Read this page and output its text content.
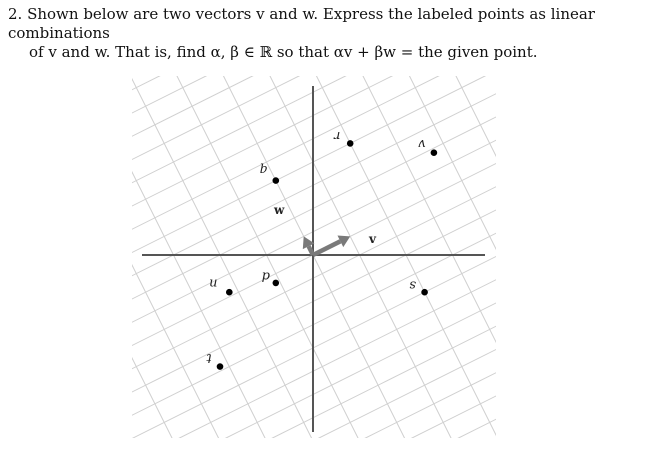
2. Shown below are two vectors v and w. Express the labeled points as linear combinations
of v and w. That is, find α, β ∈ ℝ so that αv + βw = the given point.
v
w
r
v
q
p
u	s
t
